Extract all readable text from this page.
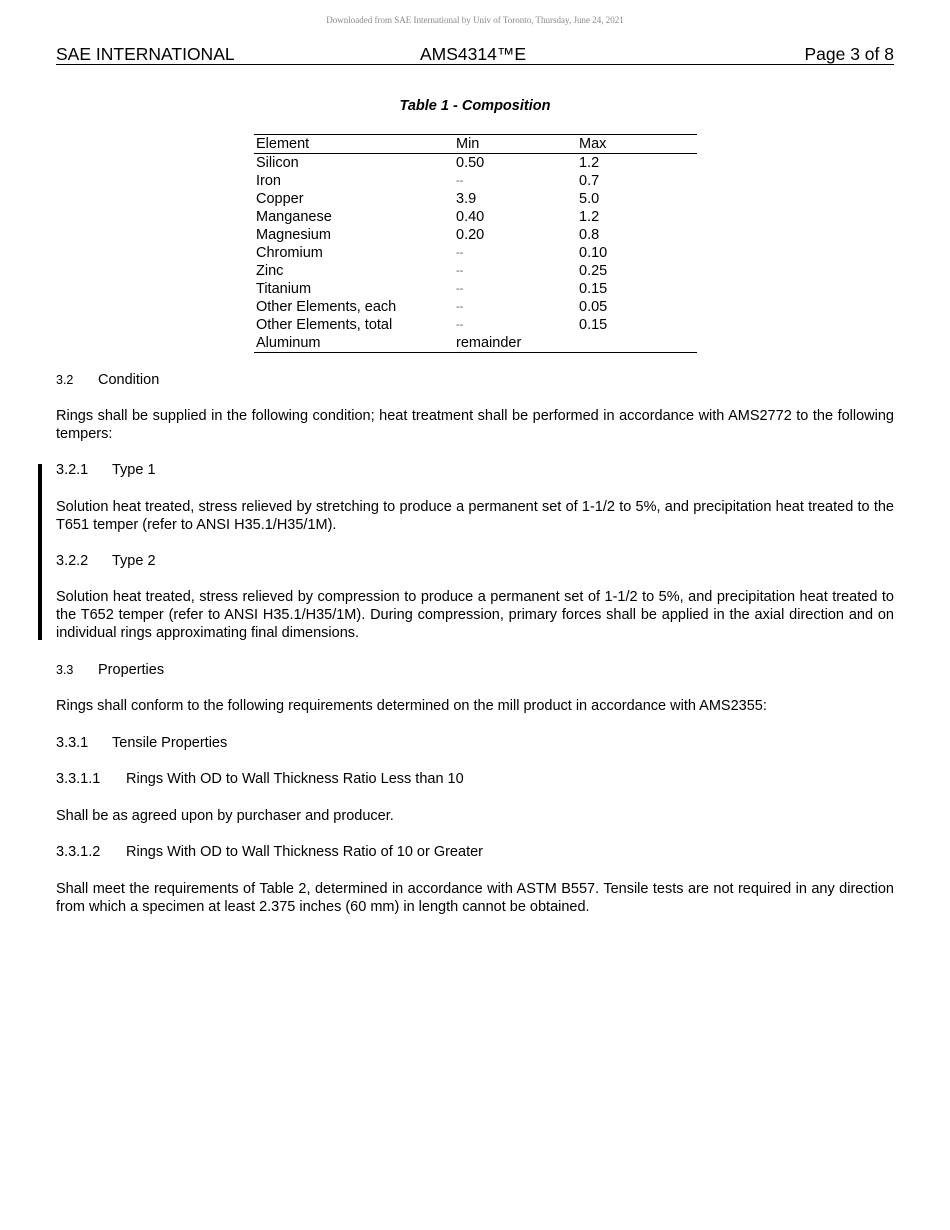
Downloaded from SAE International by Univ of Toronto, Thursday, June 24, 2021
SAE INTERNATIONAL	AMS4314™E	Page 3 of 8
Table 1 - Composition
Element	Min	Max
Silicon	0.50	1.2
Iron	--	0.7
Copper	3.9	5.0
Manganese	0.40	1.2
Magnesium	0.20	0.8
Chromium	--	0.10
Zinc	--	0.25
Titanium	--	0.15
Other Elements, each	--	0.05
Other Elements, total	--	0.15
Aluminum	remainder	
3.2 Condition
Rings shall be supplied in the following condition; heat treatment shall be performed in accordance with AMS2772 to the following tempers:
3.2.1 Type 1
Solution heat treated, stress relieved by stretching to produce a permanent set of 1-1/2 to 5%, and precipitation heat treated to the T651 temper (refer to ANSI H35.1/H35/1M).
3.2.2 Type 2
Solution heat treated, stress relieved by compression to produce a permanent set of 1-1/2 to 5%, and precipitation heat treated to the T652 temper (refer to ANSI H35.1/H35/1M). During compression, primary forces shall be applied in the axial direction and on individual rings approximating final dimensions.
3.3 Properties
Rings shall conform to the following requirements determined on the mill product in accordance with AMS2355:
3.3.1 Tensile Properties
3.3.1.1 Rings With OD to Wall Thickness Ratio Less than 10
Shall be as agreed upon by purchaser and producer.
3.3.1.2 Rings With OD to Wall Thickness Ratio of 10 or Greater
Shall meet the requirements of Table 2, determined in accordance with ASTM B557. Tensile tests are not required in any direction from which a specimen at least 2.375 inches (60 mm) in length cannot be obtained.
